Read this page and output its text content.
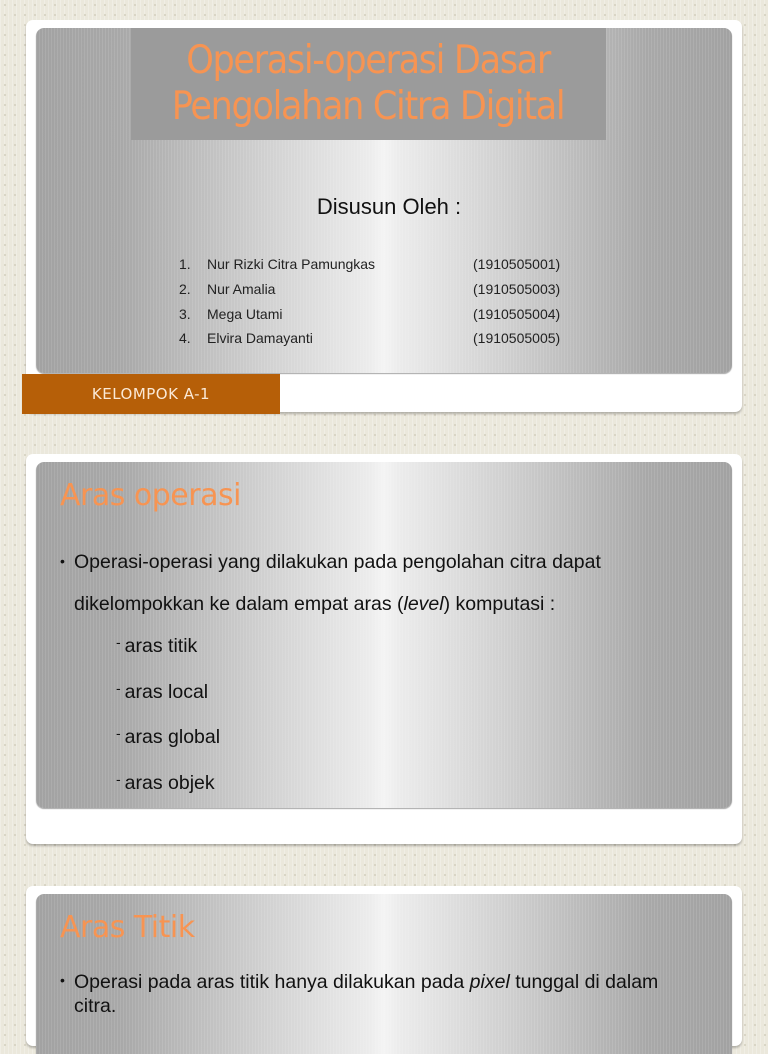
Operasi-operasi Dasar
Pengolahan Citra Digital
Disusun Oleh :
1.	Nur Rizki Citra Pamungkas	(1910505001)
2.	Nur Amalia	(1910505003)
3.	Mega Utami	(1910505004)
4.	Elvira Damayanti	(1910505005)
KELOMPOK A-1
Aras operasi
• Operasi-operasi yang dilakukan pada pengolahan citra dapat
dikelompokkan ke dalam empat aras (level) komputasi :
- aras titik
- aras local
- aras global
- aras objek
Aras Titik
• Operasi pada aras titik hanya dilakukan pada pixel tunggal di dalam citra.
